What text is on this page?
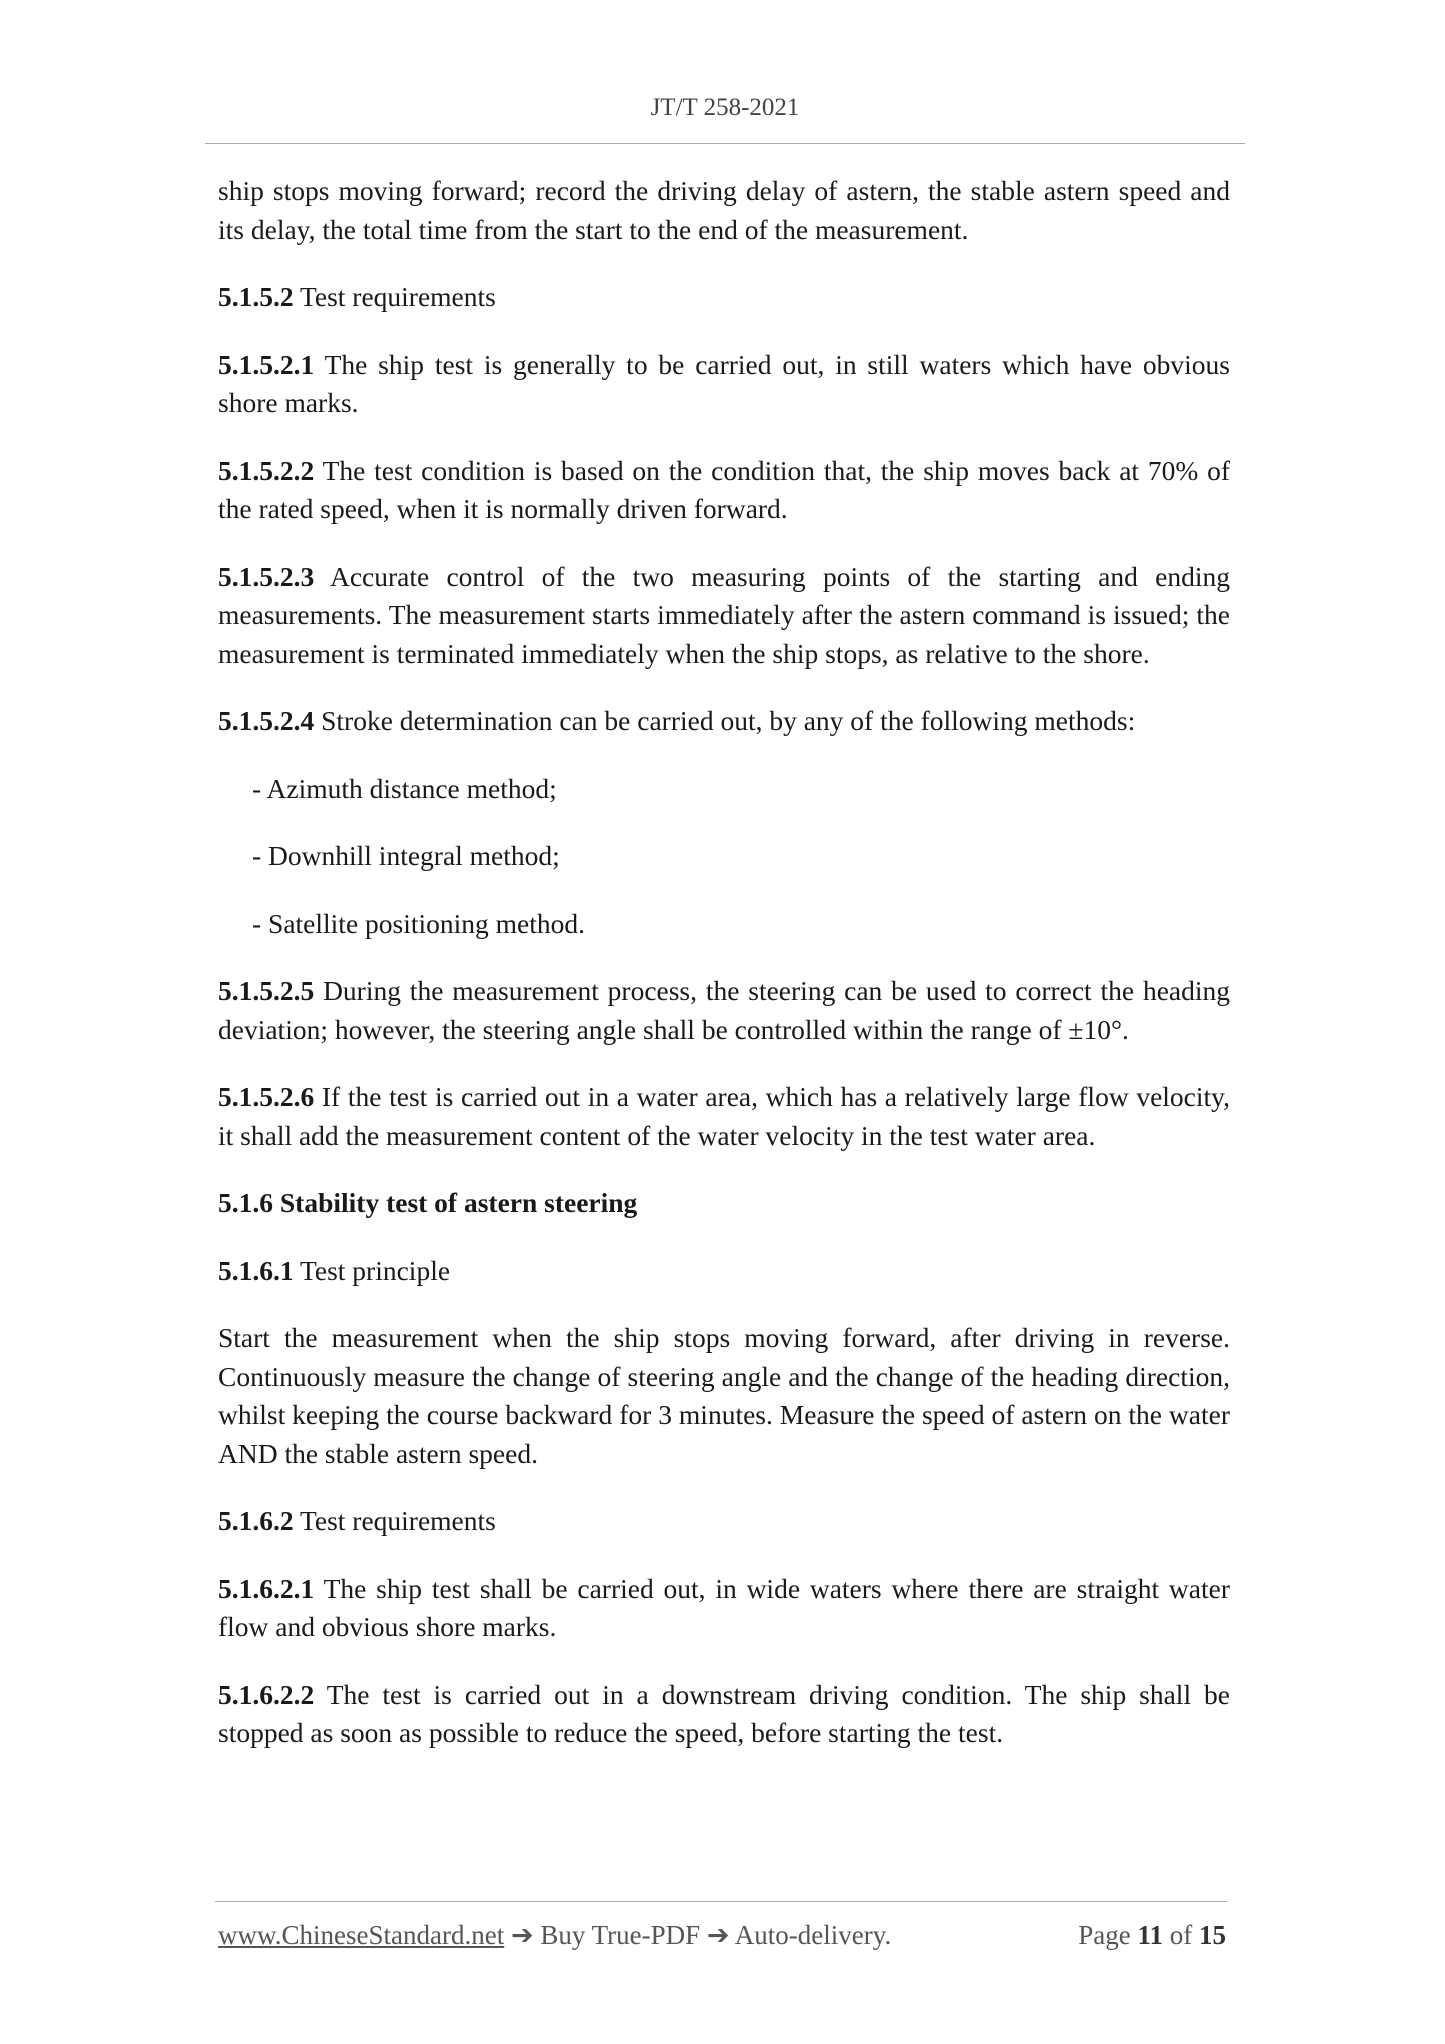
JT/T 258-2021

ship stops moving forward; record the driving delay of astern, the stable astern speed and its delay, the total time from the start to the end of the measurement.

5.1.5.2 Test requirements

5.1.5.2.1 The ship test is generally to be carried out, in still waters which have obvious shore marks.

5.1.5.2.2 The test condition is based on the condition that, the ship moves back at 70% of the rated speed, when it is normally driven forward.

5.1.5.2.3 Accurate control of the two measuring points of the starting and ending measurements. The measurement starts immediately after the astern command is issued; the measurement is terminated immediately when the ship stops, as relative to the shore.

5.1.5.2.4 Stroke determination can be carried out, by any of the following methods:

- Azimuth distance method;

- Downhill integral method;

- Satellite positioning method.

5.1.5.2.5 During the measurement process, the steering can be used to correct the heading deviation; however, the steering angle shall be controlled within the range of ±10°.

5.1.5.2.6 If the test is carried out in a water area, which has a relatively large flow velocity, it shall add the measurement content of the water velocity in the test water area.

5.1.6 Stability test of astern steering

5.1.6.1 Test principle

Start the measurement when the ship stops moving forward, after driving in reverse. Continuously measure the change of steering angle and the change of the heading direction, whilst keeping the course backward for 3 minutes. Measure the speed of astern on the water AND the stable astern speed.

5.1.6.2 Test requirements

5.1.6.2.1 The ship test shall be carried out, in wide waters where there are straight water flow and obvious shore marks.

5.1.6.2.2 The test is carried out in a downstream driving condition. The ship shall be stopped as soon as possible to reduce the speed, before starting the test.

www.ChineseStandard.net ➔ Buy True-PDF ➔ Auto-delivery.	Page 11 of 15
